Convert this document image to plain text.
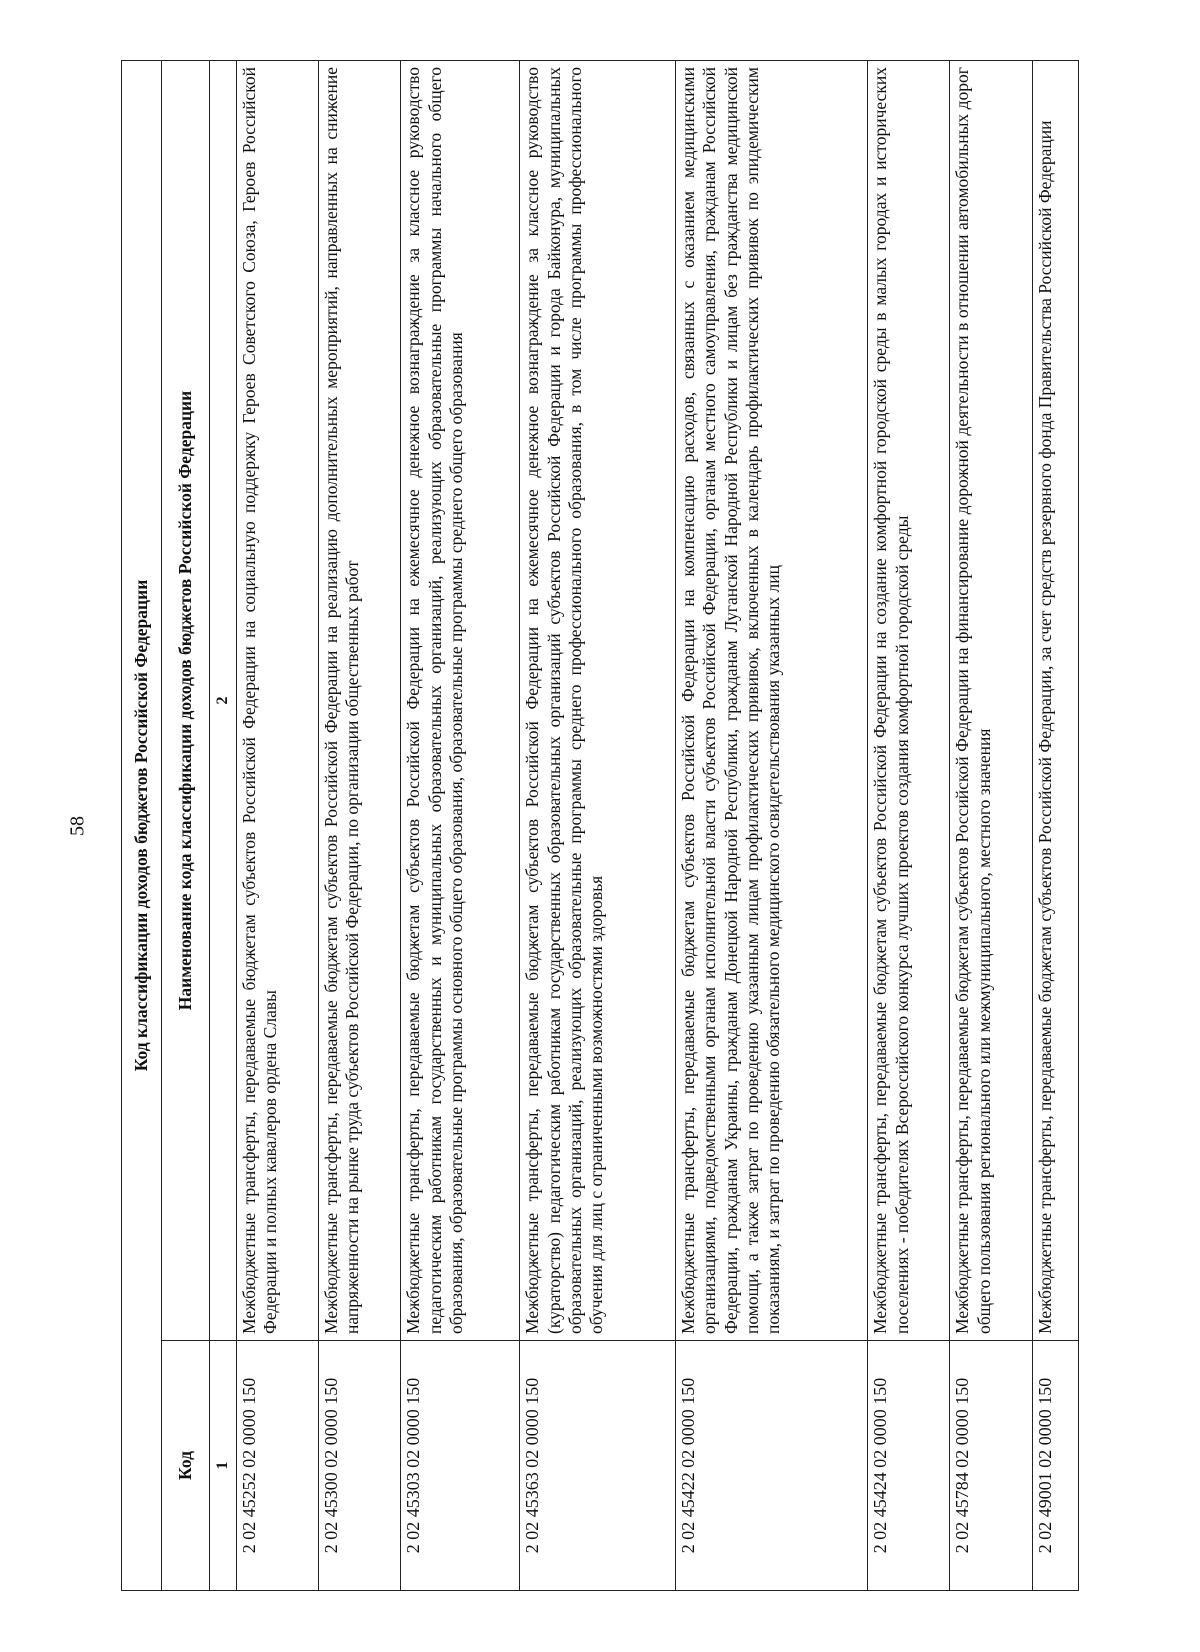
58 Код классификации доходов бюджетов Российской Федерации	
Код	Наименование кода классификации доходов бюджетов Российской Федерации
1	2
2 02 45252 02 0000 150	Межбюджетные трансферты, передаваемые бюджетам субъектов Российской Федерации на социальную поддержку Героев Советского Союза, Героев Российской Федерации и полных кавалеров ордена Славы
2 02 45300 02 0000 150	Межбюджетные трансферты, передаваемые бюджетам субъектов Российской Федерации на реализацию дополнительных мероприятий, направленных на снижение напряженности на рынке труда субъектов Российской Федерации, по организации общественных работ
2 02 45303 02 0000 150	Межбюджетные трансферты, передаваемые бюджетам субъектов Российской Федерации на ежемесячное денежное вознаграждение за классное руководство педагогическим работникам государственных и муниципальных образовательных организаций, реализующих образовательные программы начального общего образования, образовательные программы основного общего образования, образовательные программы среднего общего образования
2 02 45363 02 0000 150	Межбюджетные трансферты, передаваемые бюджетам субъектов Российской Федерации на ежемесячное денежное вознаграждение за классное руководство (кураторство) педагогическим работникам государственных образовательных организаций субъектов Российской Федерации и города Байконура, муниципальных образовательных организаций, реализующих образовательные программы среднего профессионального образования, в том числе программы профессионального обучения для лиц с ограниченными возможностями здоровья
2 02 45422 02 0000 150	Межбюджетные трансферты, передаваемые бюджетам субъектов Российской Федерации на компенсацию расходов, связанных с оказанием медицинскими организациями, подведомственными органам исполнительной власти субъектов Российской Федерации, органам местного самоуправления, гражданам Российской Федерации, гражданам Украины, гражданам Донецкой Народной Республики, гражданам Луганской Народной Республики и лицам без гражданства медицинской помощи, а также затрат по проведению указанным лицам профилактических прививок, включенных в календарь профилактических прививок по эпидемическим показаниям, и затрат по проведению обязательного медицинского освидетельствования указанных лиц
2 02 45424 02 0000 150	Межбюджетные трансферты, передаваемые бюджетам субъектов Российской Федерации на создание комфортной городской среды в малых городах и исторических поселениях - победителях Всероссийского конкурса лучших проектов создания комфортной городской среды
2 02 45784 02 0000 150	Межбюджетные трансферты, передаваемые бюджетам субъектов Российской Федерации на финансирование дорожной деятельности в отношении автомобильных дорог общего пользования регионального или межмуниципального, местного значения
2 02 49001 02 0000 150	Межбюджетные трансферты, передаваемые бюджетам субъектов Российской Федерации, за счет средств резервного фонда Правительства Российской Федерации
